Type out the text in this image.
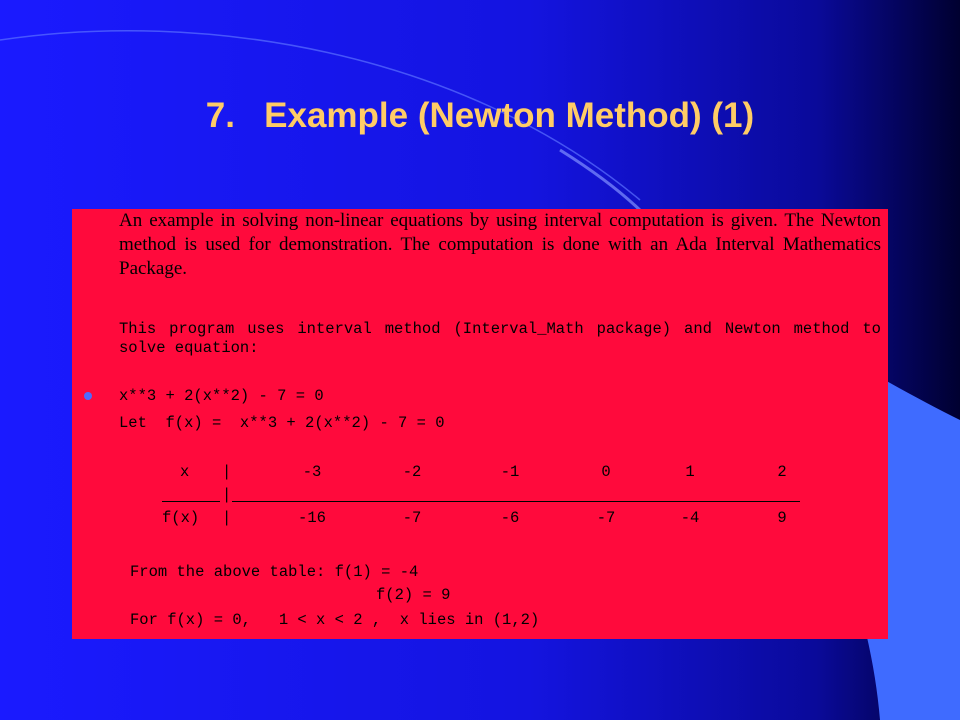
7.   Example (Newton Method) (1)

An example in solving non-linear equations by using interval computation is given. The Newton method is used for demonstration. The computation is done with an Ada Interval Mathematics Package.

This program uses interval method (Interval_Math package) and Newton method to solve equation:

x**3 + 2(x**2) - 7 = 0

Let  f(x) =  x**3 + 2(x**2) - 7 = 0

x |	-3	-2	-1	0	1	2
|
f(x) |	-16	-7	-6	-7	-4	9

From the above table: f(1) = -4

f(2) = 9

For f(x) = 0,   1 < x < 2 ,  x lies in (1,2)
